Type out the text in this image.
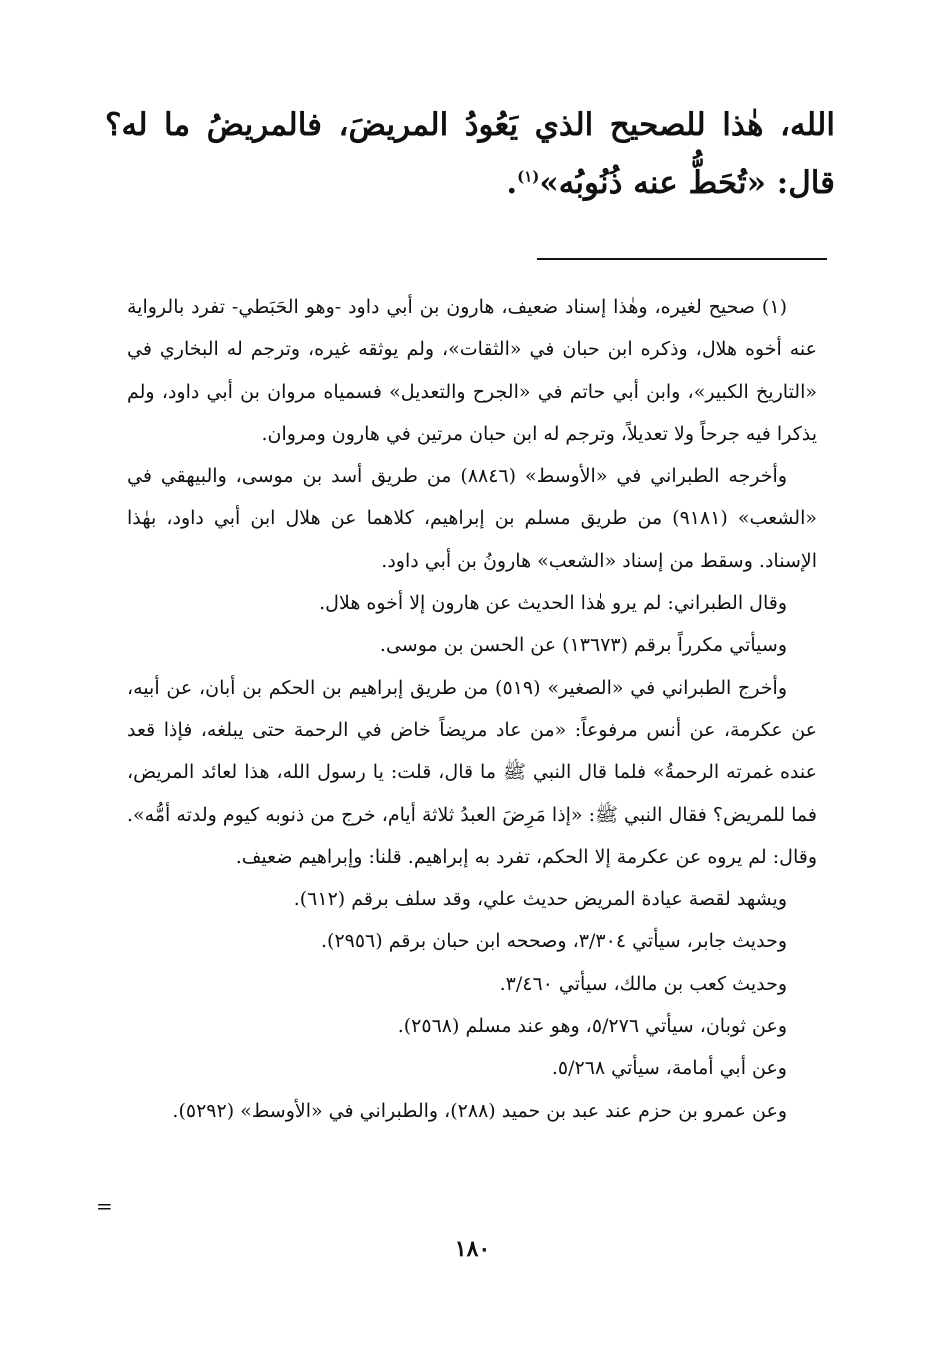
الله، هٰذا للصحيح الذي يَعُودُ المريضَ، فالمريضُ ما له؟ قال: «تُحَطُّ عنه ذُنُوبُه»$^{(١)}$.

(١) صحيح لغيره، وهٰذا إسناد ضعيف، هارون بن أبي داود -وهو الحَبَطي- تفرد بالرواية عنه أخوه هلال، وذكره ابن حبان في «الثقات»، ولم يوثقه غيره، وترجم له البخاري في «التاريخ الكبير»، وابن أبي حاتم في «الجرح والتعديل» فسمياه مروان بن أبي داود، ولم يذكرا فيه جرحاً ولا تعديلاً، وترجم له ابن حبان مرتين في هارون ومروان.

وأخرجه الطبراني في «الأوسط» (٨٨٤٦) من طريق أسد بن موسى، والبيهقي في «الشعب» (٩١٨١) من طريق مسلم بن إبراهيم، كلاهما عن هلال ابن أبي داود، بهٰذا الإسناد. وسقط من إسناد «الشعب» هارونُ بن أبي داود.

وقال الطبراني: لم يرو هٰذا الحديث عن هارون إلا أخوه هلال.

وسيأتي مكرراً برقم (١٣٦٧٣) عن الحسن بن موسى.

وأخرج الطبراني في «الصغير» (٥١٩) من طريق إبراهيم بن الحكم بن أبان، عن أبيه، عن عكرمة، عن أنس مرفوعاً: «من عاد مريضاً خاض في الرحمة حتى يبلغه، فإذا قعد عنده غمرته الرحمةُ» فلما قال النبي ﷺ ما قال، قلت: يا رسول الله، هذا لعائد المريض، فما للمريض؟ فقال النبي ﷺ: «إذا مَرِضَ العبدُ ثلاثة أيام، خرج من ذنوبه كيوم ولدته أمُّه». وقال: لم يروه عن عكرمة إلا الحكم، تفرد به إبراهيم. قلنا: وإبراهيم ضعيف.

ويشهد لقصة عيادة المريض حديث علي، وقد سلف برقم (٦١٢).

وحديث جابر، سيأتي ٣/٣٠٤، وصححه ابن حبان برقم (٢٩٥٦).

وحديث كعب بن مالك، سيأتي ٣/٤٦٠.

وعن ثوبان، سيأتي ٥/٢٧٦، وهو عند مسلم (٢٥٦٨).

وعن أبي أمامة، سيأتي ٥/٢٦٨.

وعن عمرو بن حزم عند عبد بن حميد (٢٨٨)، والطبراني في «الأوسط» (٥٢٩٢).

=
١٨٠
